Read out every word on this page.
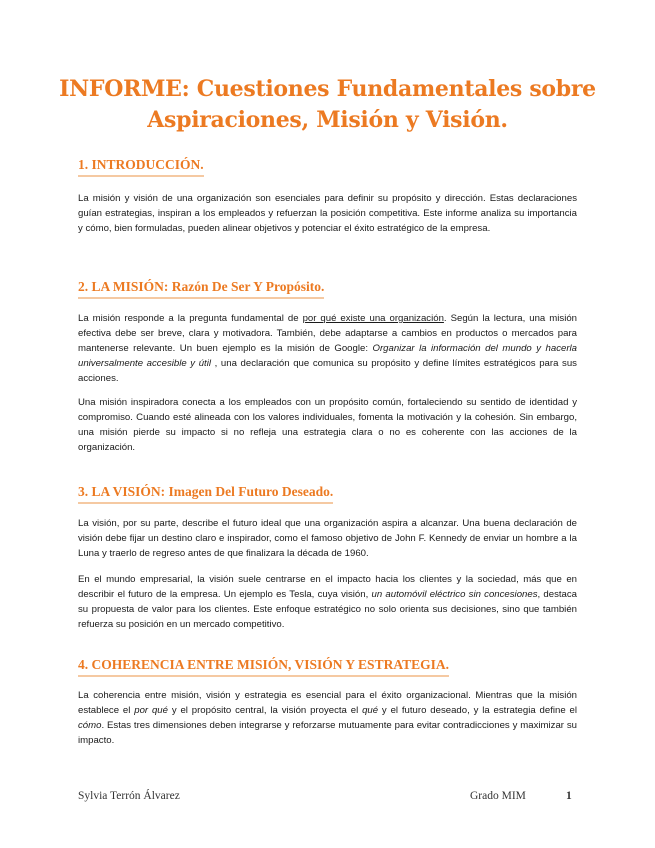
INFORME: Cuestiones Fundamentales sobre Aspiraciones, Misión y Visión.
1. INTRODUCCIÓN.
La misión y visión de una organización son esenciales para definir su propósito y dirección. Estas declaraciones guían estrategias, inspiran a los empleados y refuerzan la posición competitiva. Este informe analiza su importancia y cómo, bien formuladas, pueden alinear objetivos y potenciar el éxito estratégico de la empresa.
2. LA MISIÓN: Razón De Ser Y Propósito.
La misión responde a la pregunta fundamental de por qué existe una organización. Según la lectura, una misión efectiva debe ser breve, clara y motivadora. También, debe adaptarse a cambios en productos o mercados para mantenerse relevante. Un buen ejemplo es la misión de Google: Organizar la información del mundo y hacerla universalmente accesible y útil , una declaración que comunica su propósito y define límites estratégicos para sus acciones.
Una misión inspiradora conecta a los empleados con un propósito común, fortaleciendo su sentido de identidad y compromiso. Cuando esté alineada con los valores individuales, fomenta la motivación y la cohesión. Sin embargo, una misión pierde su impacto si no refleja una estrategia clara o no es coherente con las acciones de la organización.
3. LA VISIÓN: Imagen Del Futuro Deseado.
La visión, por su parte, describe el futuro ideal que una organización aspira a alcanzar. Una buena declaración de visión debe fijar un destino claro e inspirador, como el famoso objetivo de John F. Kennedy de enviar un hombre a la Luna y traerlo de regreso antes de que finalizara la década de 1960.
En el mundo empresarial, la visión suele centrarse en el impacto hacia los clientes y la sociedad, más que en describir el futuro de la empresa. Un ejemplo es Tesla, cuya visión, un automóvil eléctrico sin concesiones, destaca su propuesta de valor para los clientes. Este enfoque estratégico no solo orienta sus decisiones, sino que también refuerza su posición en un mercado competitivo.
4. COHERENCIA ENTRE MISIÓN, VISIÓN Y ESTRATEGIA.
La coherencia entre misión, visión y estrategia es esencial para el éxito organizacional. Mientras que la misión establece el por qué y el propósito central, la visión proyecta el qué y el futuro deseado, y la estrategia define el cómo. Estas tres dimensiones deben integrarse y reforzarse mutuamente para evitar contradicciones y maximizar su impacto.
Sylvia Terrón Álvarez	Grado MIM	1
